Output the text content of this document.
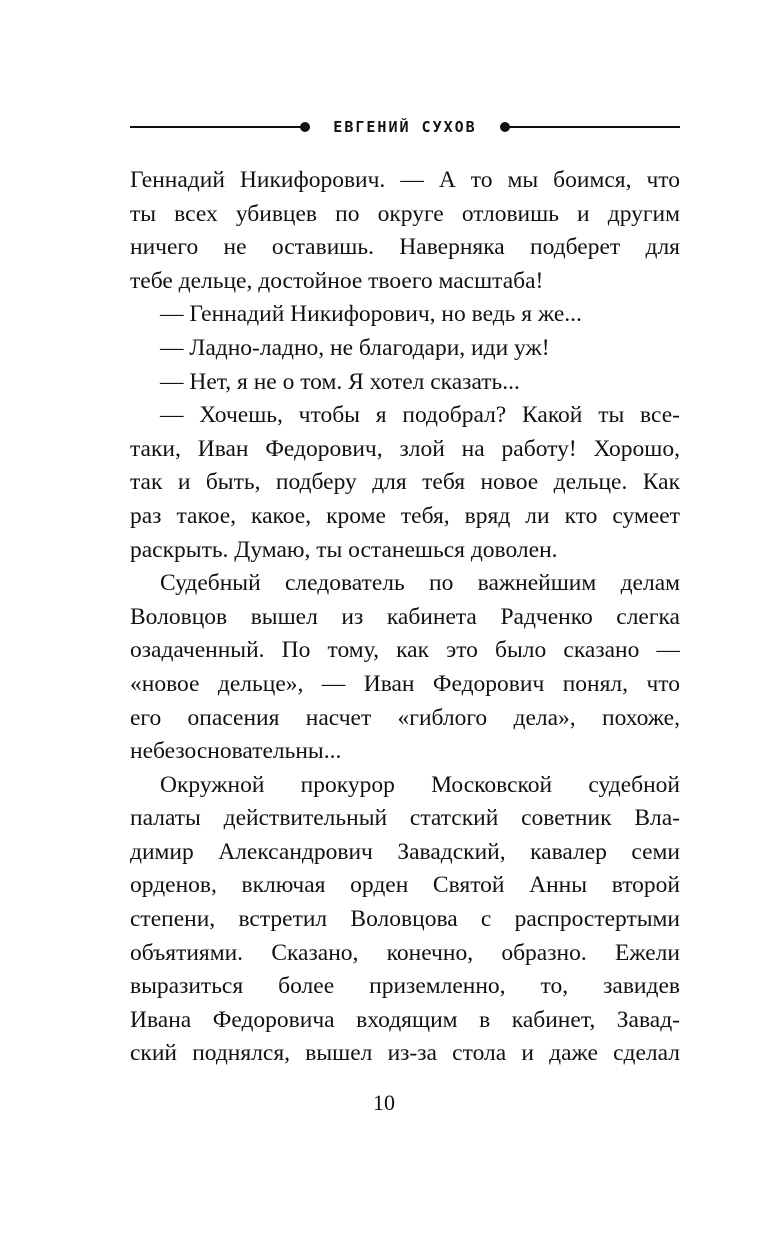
ЕВГЕНИЙ СУХОВ
Геннадий Никифорович. — А то мы боимся, что
ты всех убивцев по округе отловишь и другим
ничего не оставишь. Наверняка подберет для
тебе дельце, достойное твоего масштаба!
— Геннадий Никифорович, но ведь я же...
— Ладно-ладно, не благодари, иди уж!
— Нет, я не о том. Я хотел сказать...
— Хочешь, чтобы я подобрал? Какой ты все-
таки, Иван Федорович, злой на работу! Хорошо,
так и быть, подберу для тебя новое дельце. Как
раз такое, какое, кроме тебя, вряд ли кто сумеет
раскрыть. Думаю, ты останешься доволен.
Судебный следователь по важнейшим делам
Воловцов вышел из кабинета Радченко слегка
озадаченный. По тому, как это было сказано —
«новое дельце», — Иван Федорович понял, что
его опасения насчет «гиблого дела», похоже,
небезосновательны...
Окружной прокурор Московской судебной
палаты действительный статский советник Вла-
димир Александрович Завадский, кавалер семи
орденов, включая орден Святой Анны второй
степени, встретил Воловцова с распростертыми
объятиями. Сказано, конечно, образно. Ежели
выразиться более приземленно, то, завидев
Ивана Федоровича входящим в кабинет, Завад-
ский поднялся, вышел из-за стола и даже сделал
10
